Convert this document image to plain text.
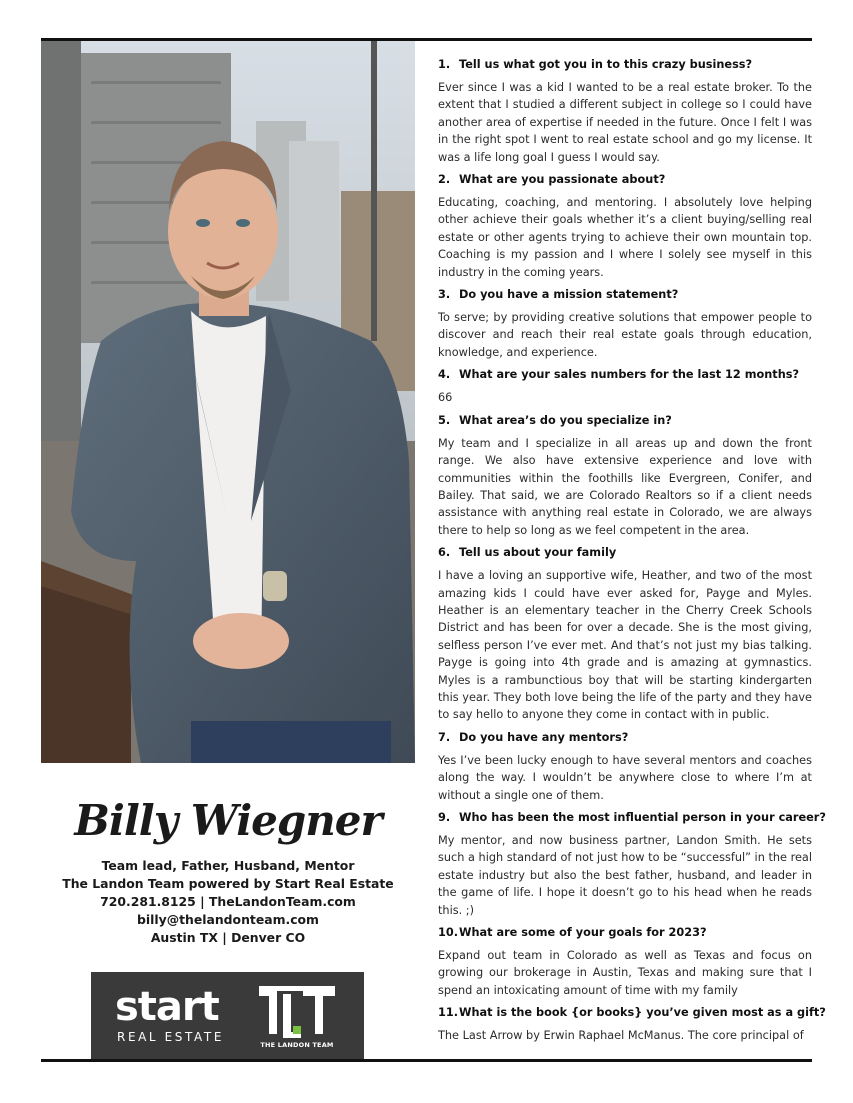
Billy Wiegner
Team lead, Father, Husband, Mentor
The Landon Team powered by Start Real Estate
720.281.8125 | TheLandonTeam.com
billy@thelandonteam.com
Austin TX | Denver CO
start
REAL ESTATE
THE LANDON TEAM
1. Tell us what got you in to this crazy business?
Ever since I was a kid I wanted to be a real estate broker. To the extent that I studied a different subject in college so I could have another area of expertise if needed in the future. Once I felt I was in the right spot I went to real estate school and go my license. It was a life long goal I guess I would say.
2. What are you passionate about?
Educating, coaching, and mentoring. I absolutely love helping other achieve their goals whether it’s a client buying/selling real estate or other agents trying to achieve their own mountain top. Coaching is my passion and I where I solely see myself in this industry in the coming years.
3. Do you have a mission statement?
To serve; by providing creative solutions that empower people to discover and reach their real estate goals through education, knowledge, and experience.
4. What are your sales numbers for the last 12 months?
66
5. What area’s do you specialize in?
My team and I specialize in all areas up and down the front range. We also have extensive experience and love with communities within the foothills like Evergreen, Conifer, and Bailey. That said, we are Colorado Realtors so if a client needs assistance with anything real estate in Colorado, we are always there to help so long as we feel competent in the area.
6. Tell us about your family
I have a loving an supportive wife, Heather, and two of the most amazing kids I could have ever asked for, Payge and Myles. Heather is an elementary teacher in the Cherry Creek Schools District and has been for over a decade. She is the most giving, selfless person I’ve ever met. And that’s not just my bias talking. Payge is going into 4th grade and is amazing at gymnastics. Myles is a rambunctious boy that will be starting kindergarten this year. They both love being the life of the party and they have to say hello to anyone they come in contact with in public.
7. Do you have any mentors?
Yes I’ve been lucky enough to have several mentors and coaches along the way. I wouldn’t be anywhere close to where I’m at without a single one of them.
9. Who has been the most influential person in your career?
My mentor, and now business partner, Landon Smith. He sets such a high standard of not just how to be “successful” in the real estate industry but also the best father, husband, and leader in the game of life. I hope it doesn’t go to his head when he reads this. ;)
10.What are some of your goals for 2023?
Expand out team in Colorado as well as Texas and focus on growing our brokerage in Austin, Texas and making sure that I spend an intoxicating amount of time with my family
11.What is the book {or books} you’ve given most as a gift?
The Last Arrow by Erwin Raphael McManus. The core principal of
